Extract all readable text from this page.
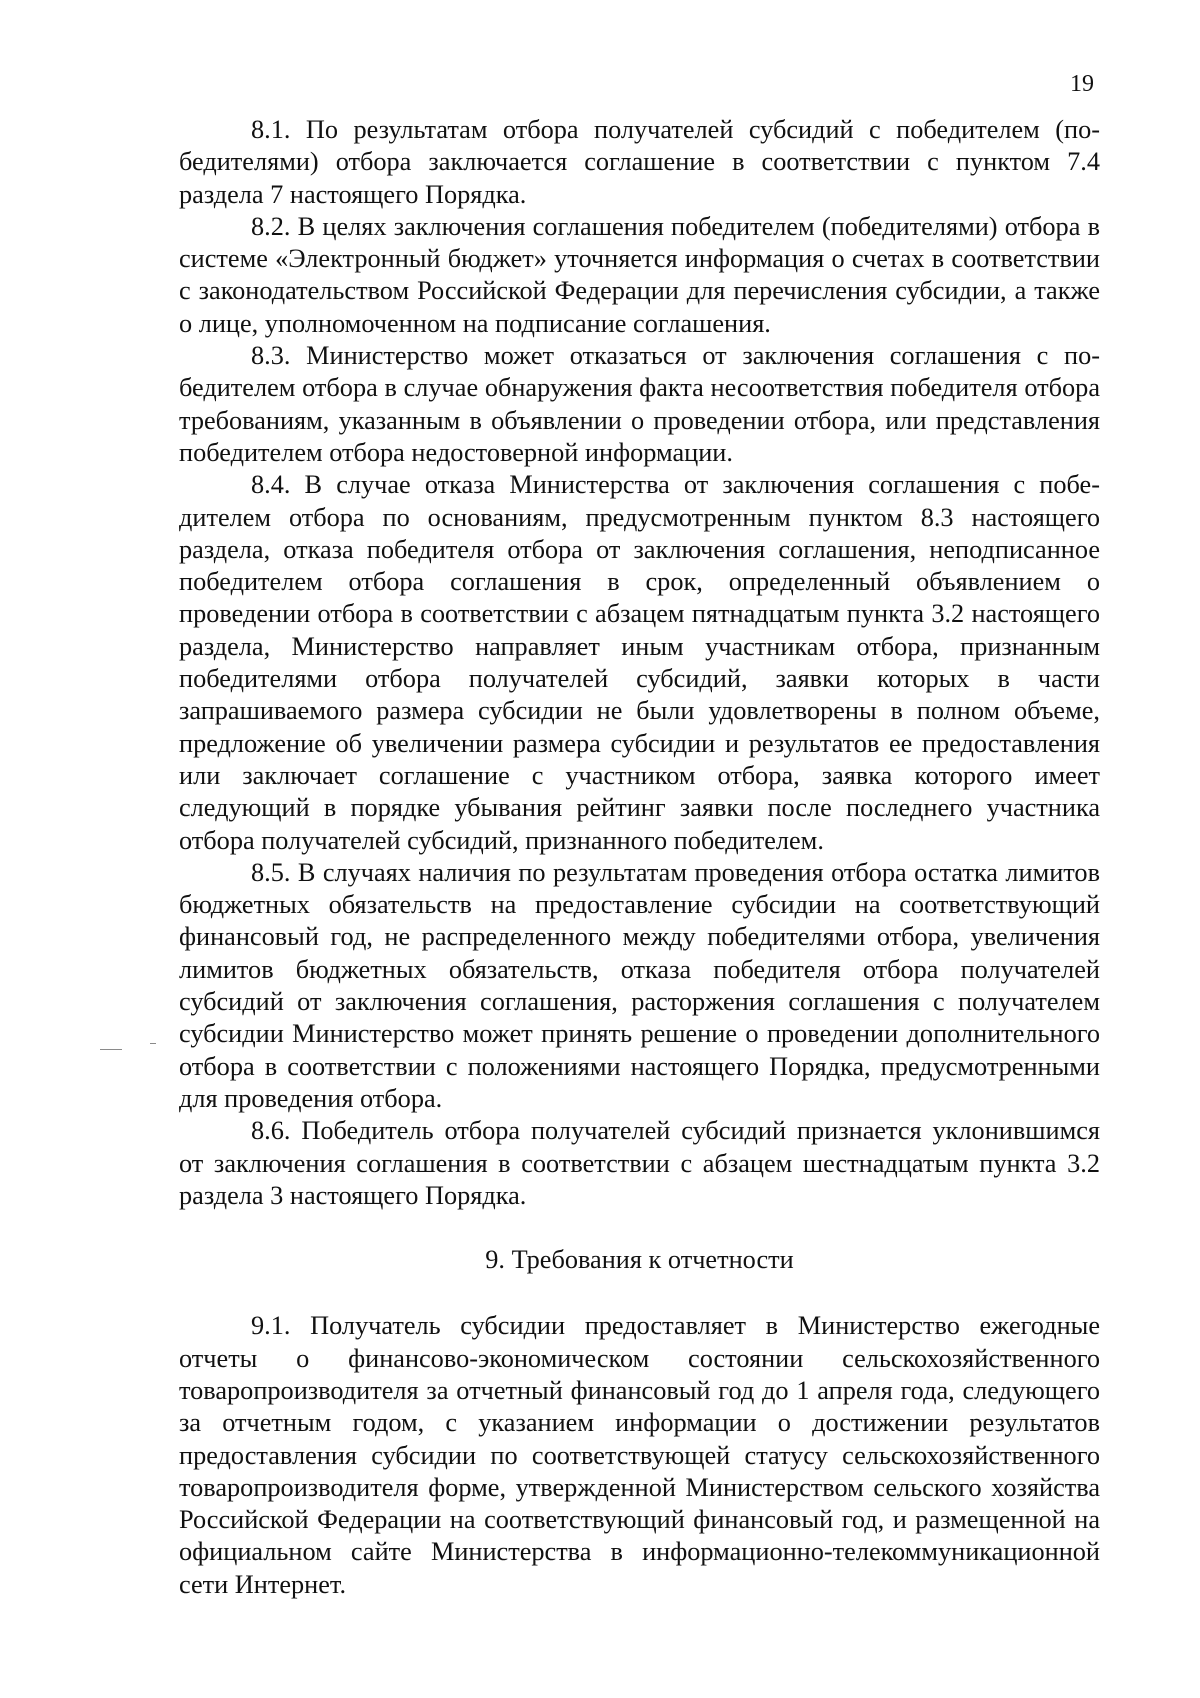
19

8.1. По результатам отбора получателей субсидий с победителем (победителями) отбора заключается соглашение в соответствии с пунктом 7.4 раздела 7 настоящего Порядка.

8.2. В целях заключения соглашения победителем (победителями) отбора в системе «Электронный бюджет» уточняется информация о счетах в соответствии с законодательством Российской Федерации для перечисления субсидии, а также о лице, уполномоченном на подписание соглашения.

8.3. Министерство может отказаться от заключения соглашения с победителем отбора в случае обнаружения факта несоответствия победителя отбора требованиям, указанным в объявлении о проведении отбора, или представления победителем отбора недостоверной информации.

8.4. В случае отказа Министерства от заключения соглашения с победителем отбора по основаниям, предусмотренным пунктом 8.3 настоящего раздела, отказа победителя отбора от заключения соглашения, неподписанное победителем отбора соглашения в срок, определенный объявлением о проведении отбора в соответствии с абзацем пятнадцатым пункта 3.2 настоящего раздела, Министерство направляет иным участникам отбора, признанным победителями отбора получателей субсидий, заявки которых в части запрашиваемого размера субсидии не были удовлетворены в полном объеме, предложение об увеличении размера субсидии и результатов ее предоставления или заключает соглашение с участником отбора, заявка которого имеет следующий в порядке убывания рейтинг заявки после последнего участника отбора получателей субсидий, признанного победителем.

8.5. В случаях наличия по результатам проведения отбора остатка лимитов бюджетных обязательств на предоставление субсидии на соответствующий финансовый год, не распределенного между победителями отбора, увеличения лимитов бюджетных обязательств, отказа победителя отбора получателей субсидий от заключения соглашения, расторжения соглашения с получателем субсидии Министерство может принять решение о проведении дополнительного отбора в соответствии с положениями настоящего Порядка, предусмотренными для проведения отбора.

8.6. Победитель отбора получателей субсидий признается уклонившимся от заключения соглашения в соответствии с абзацем шестнадцатым пункта 3.2 раздела 3 настоящего Порядка.

9. Требования к отчетности

9.1. Получатель субсидии предоставляет в Министерство ежегодные отчеты о финансово-экономическом состоянии сельскохозяйственного товаропроизводителя за отчетный финансовый год до 1 апреля года, следующего за отчетным годом, с указанием информации о достижении результатов предоставления субсидии по соответствующей статусу сельскохозяйственного товаропроизводителя форме, утвержденной Министерством сельского хозяйства Российской Федерации на соответствующий финансовый год, и размещенной на официальном сайте Министерства в информационно-телекоммуникационной сети Интернет.
